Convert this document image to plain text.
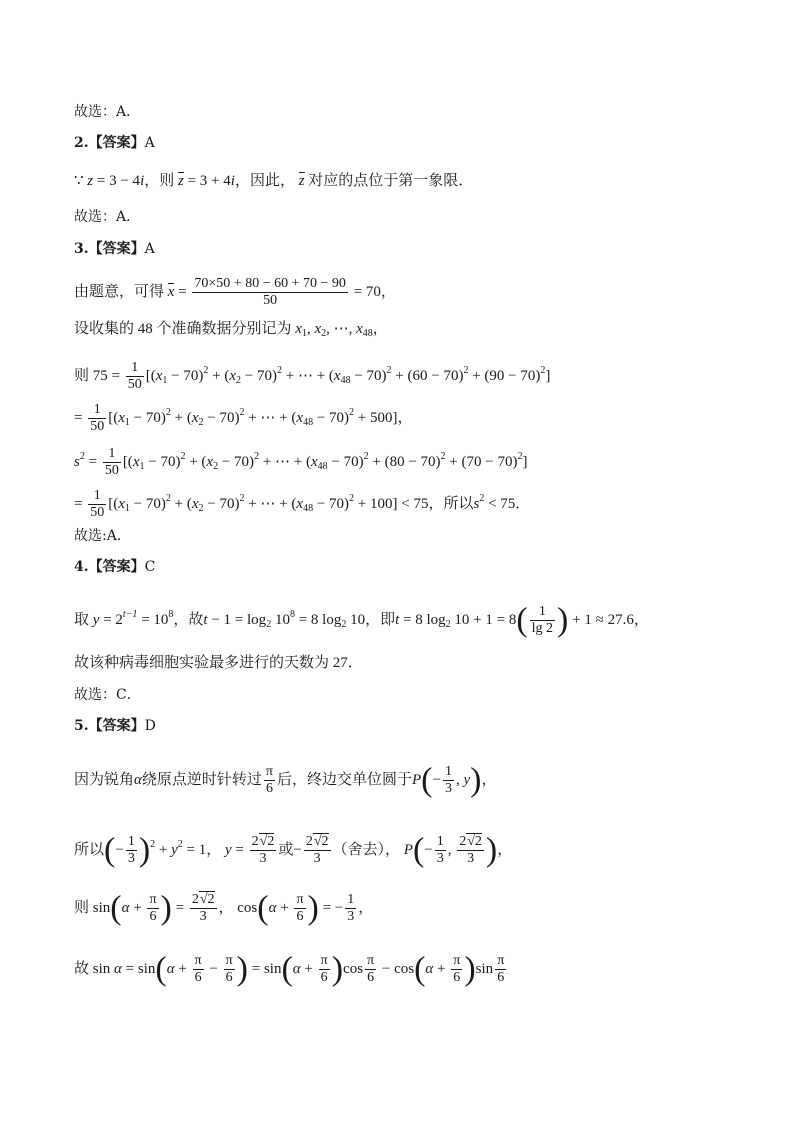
故选：A．
2.【答案】A
∵ z = 3 − 4i，则 z = 3 + 4i，因此， z 对应的点位于第一象限．
故选：A．
3.【答案】A
由题意，可得 $x = \frac{70\times 50 + 80 - 60 + 70 - 90}{50} = 70$，
设收集的 48 个准确数据分别记为 $x_1$, $x_2$, ⋯, $x_{48}$，
则 $75 = \frac{1}{50} [(x_1 - 70)^2 + (x_2 - 70)^2$ + ⋯ + $(x_{48} - 70)^2 + (60 - 70)^2 + (90 - 70)^2$]
= $\frac{1}{50} [(x_1 - 70)^2 + (x_2 - 70)^2$ + ⋯ + $(x_{48} - 70)^2 + 500$]，
$s^2 = \frac{1}{50} [(x_1 - 70)^2 + (x_2 - 70)^2$ + ⋯ + $(x_{48} - 70)^2 + (80 - 70)^2 + (70 - 70)^2$]
= $\frac{1}{50} [(x_1 - 70)^2 + (x_2 - 70)^2$ + ⋯ + $(x_{48} - 70)^2 + 100] < 75$，所以$s^2 < 75$．
故选:A．
4.【答案】C
取 $y = 2^{t-1} = 10^8$，故$t - 1 = \log_2 10^8 = 8$ $\log_2 10$，即t = 8 $\log_2 10 + 1 = 8( \frac{1}{\lg 2}$ ) + 1 ≈ 27.6，
故该种病毒细胞实验最多进行的天数为 27．
故选：C．
5.【答案】D
因为锐角α绕原点逆时针转过 $\frac{\pi}{6}$ 后，终边交单位圆于$P(- \frac{1}{3}$ , y)，
所以(− $\frac{1}{3} )^2 + y^2 = 1$， $y = \frac{2√2}{3}$ 或− $\frac{2√2}{3}$ （舍去）， $P(- \frac{1}{3}$ , $\frac{2√2}{3}$ )，
则 $\sin(\alpha + \frac{\pi}{6}$ ) = $\frac{2√2}{3}$ ， $\cos(\alpha + \frac{\pi}{6}$ ) = − $\frac{1}{3}$ ，
故 $\sin \alpha = \sin(\alpha + \frac{\pi}{6} - \frac{\pi}{6}$ ) = $\sin(\alpha + \frac{\pi}{6} )\cos \frac{\pi}{6} - \cos(\alpha + \frac{\pi}{6} )\sin \frac{\pi}{6}$
